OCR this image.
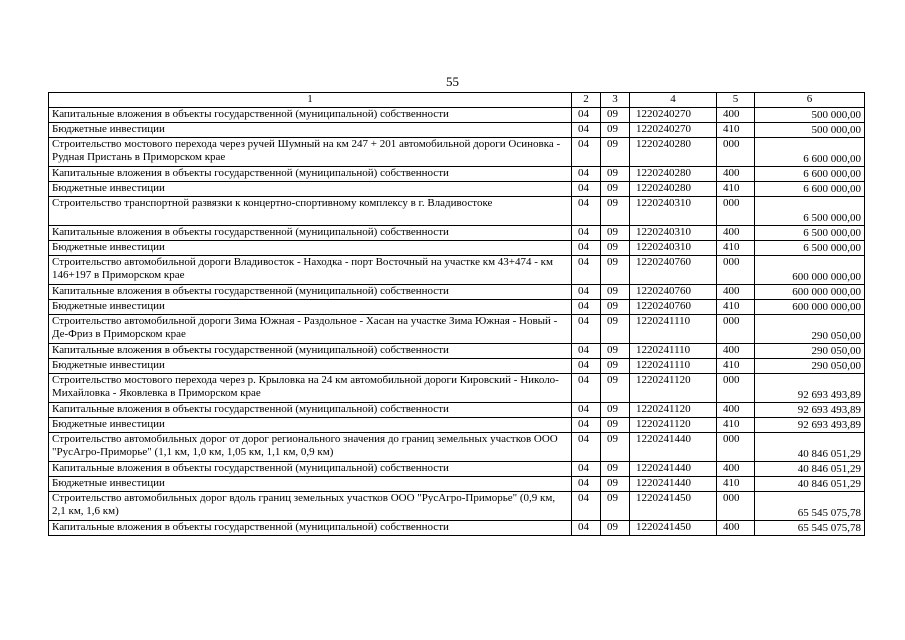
55
1	2	3	4	5	6
Капитальные вложения в объекты государственной (муниципальной) собственности	04	09	1220240270	400	500 000,00
Бюджетные инвестиции	04	09	1220240270	410	500 000,00
Строительство мостового перехода через ручей Шумный на км 247 + 201 автомобильной дороги Осиновка - Рудная Пристань в Приморском крае	04	09	1220240280	000	6 600 000,00
Капитальные вложения в объекты государственной (муниципальной) собственности	04	09	1220240280	400	6 600 000,00
Бюджетные инвестиции	04	09	1220240280	410	6 600 000,00
Строительство транспортной развязки к концертно-спортивному комплексу в г. Владивостоке	04	09	1220240310	000	6 500 000,00
Капитальные вложения в объекты государственной (муниципальной) собственности	04	09	1220240310	400	6 500 000,00
Бюджетные инвестиции	04	09	1220240310	410	6 500 000,00
Строительство автомобильной дороги Владивосток - Находка - порт Восточный на участке км 43+474 - км 146+197 в Приморском крае	04	09	1220240760	000	600 000 000,00
Капитальные вложения в объекты государственной (муниципальной) собственности	04	09	1220240760	400	600 000 000,00
Бюджетные инвестиции	04	09	1220240760	410	600 000 000,00
Строительство автомобильной дороги Зима Южная - Раздольное - Хасан на участке Зима Южная - Новый - Де-Фриз в Приморском крае	04	09	1220241110	000	290 050,00
Капитальные вложения в объекты государственной (муниципальной) собственности	04	09	1220241110	400	290 050,00
Бюджетные инвестиции	04	09	1220241110	410	290 050,00
Строительство мостового перехода через р. Крыловка на 24 км автомобильной дороги Кировский - Николо-Михайловка - Яковлевка в Приморском крае	04	09	1220241120	000	92 693 493,89
Капитальные вложения в объекты государственной (муниципальной) собственности	04	09	1220241120	400	92 693 493,89
Бюджетные инвестиции	04	09	1220241120	410	92 693 493,89
Строительство автомобильных дорог от дорог регионального значения до границ земельных участков ООО "РусАгро-Приморье" (1,1 км, 1,0 км, 1,05 км, 1,1 км, 0,9 км)	04	09	1220241440	000	40 846 051,29
Капитальные вложения в объекты государственной (муниципальной) собственности	04	09	1220241440	400	40 846 051,29
Бюджетные инвестиции	04	09	1220241440	410	40 846 051,29
Строительство автомобильных дорог вдоль границ земельных участков ООО "РусАгро-Приморье" (0,9 км, 2,1 км, 1,6 км)	04	09	1220241450	000	65 545 075,78
Капитальные вложения в объекты государственной (муниципальной) собственности	04	09	1220241450	400	65 545 075,78
